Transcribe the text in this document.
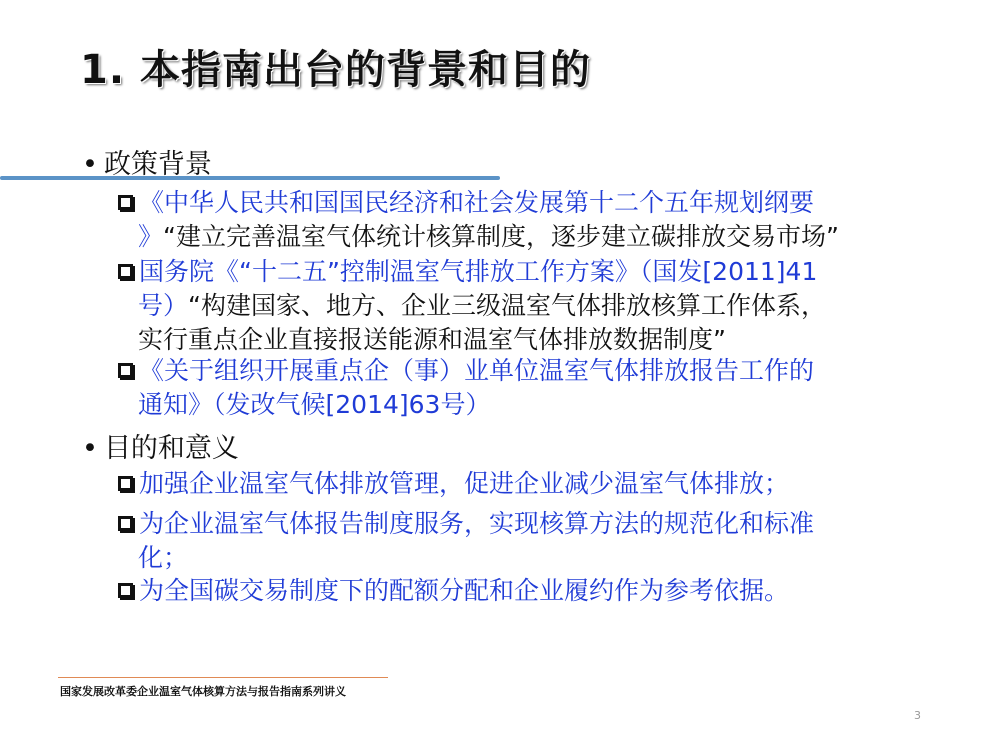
1. 本指南出台的背景和目的
• 政策背景
《中华人民共和国国民经济和社会发展第十二个五年规划纲要
》“建立完善温室气体统计核算制度，逐步建立碳排放交易市场”
国务院《“十二五”控制温室气排放工作方案》（国发[2011]41
号）“构建国家、地方、企业三级温室气体排放核算工作体系，
实行重点企业直接报送能源和温室气体排放数据制度”
《关于组织开展重点企（事）业单位温室气体排放报告工作的
通知》（发改气候[2014]63号）
• 目的和意义
加强企业温室气体排放管理，促进企业减少温室气体排放；
为企业温室气体报告制度服务，实现核算方法的规范化和标准
化；
为全国碳交易制度下的配额分配和企业履约作为参考依据。
国家发展改革委企业温室气体核算方法与报告指南系列讲义
3
